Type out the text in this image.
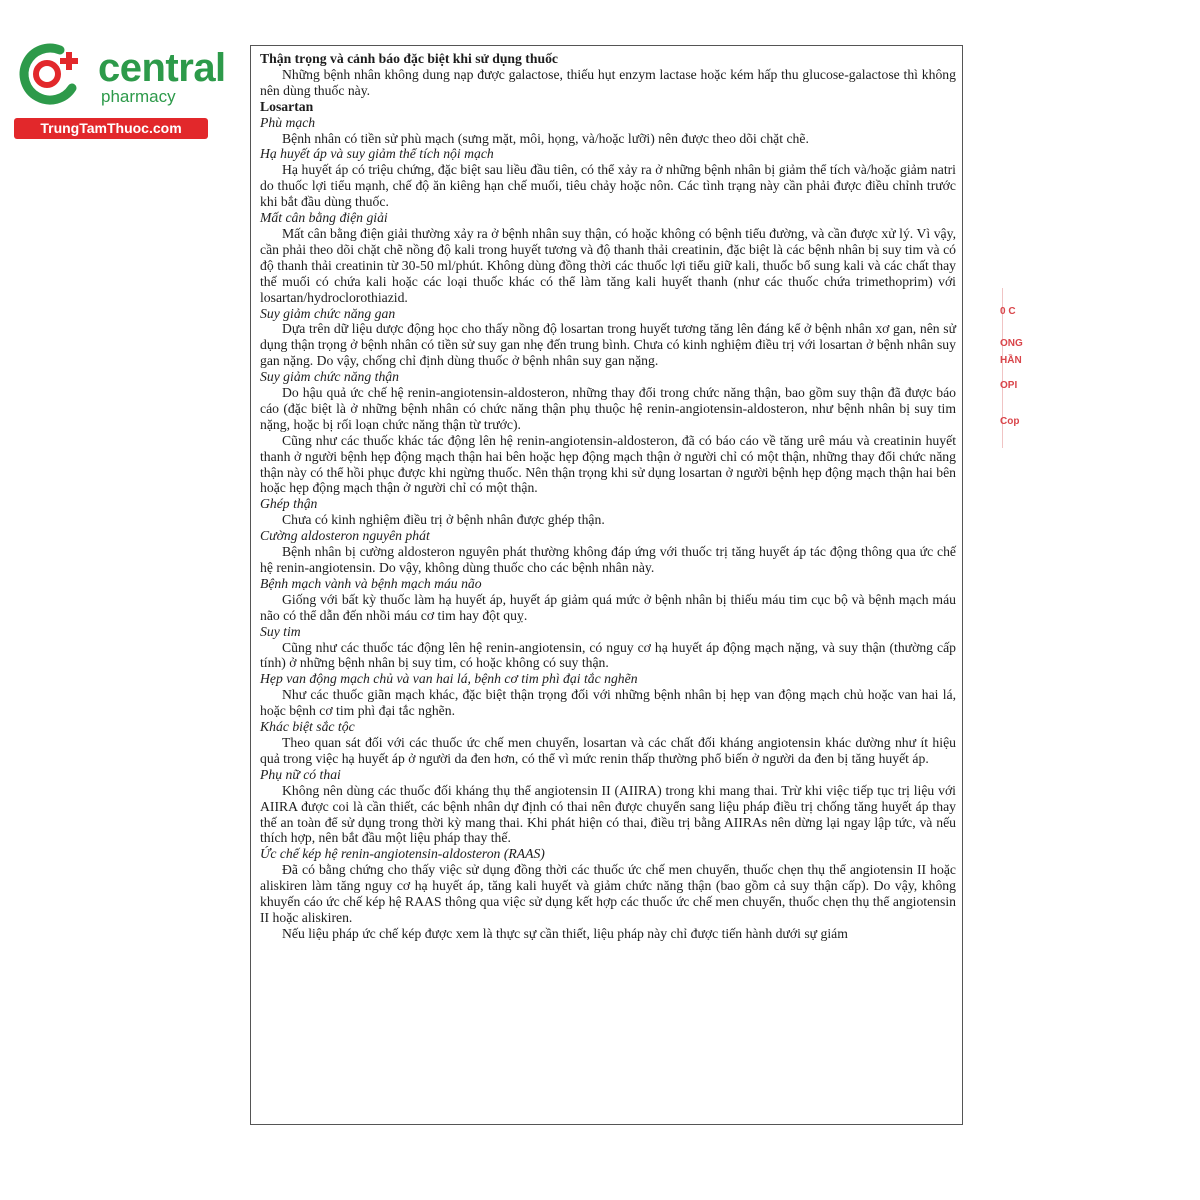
central
pharmacy
TrungTamThuoc.com
Thận trọng và cảnh báo đặc biệt khi sử dụng thuốc
Những bệnh nhân không dung nạp được galactose, thiếu hụt enzym lactase hoặc kém hấp thu glucose-galactose thì không nên dùng thuốc này.
Losartan
Phù mạch
Bệnh nhân có tiền sử phù mạch (sưng mặt, môi, họng, và/hoặc lưỡi) nên được theo dõi chặt chẽ.
Hạ huyết áp và suy giảm thể tích nội mạch
Hạ huyết áp có triệu chứng, đặc biệt sau liều đầu tiên, có thể xảy ra ở những bệnh nhân bị giảm thể tích và/hoặc giảm natri do thuốc lợi tiểu mạnh, chế độ ăn kiêng hạn chế muối, tiêu chảy hoặc nôn. Các tình trạng này cần phải được điều chỉnh trước khi bắt đầu dùng thuốc.
Mất cân bằng điện giải
Mất cân bằng điện giải thường xảy ra ở bệnh nhân suy thận, có hoặc không có bệnh tiểu đường, và cần được xử lý. Vì vậy, cần phải theo dõi chặt chẽ nồng độ kali trong huyết tương và độ thanh thải creatinin, đặc biệt là các bệnh nhân bị suy tim và có độ thanh thải creatinin từ 30-50 ml/phút. Không dùng đồng thời các thuốc lợi tiểu giữ kali, thuốc bổ sung kali và các chất thay thế muối có chứa kali hoặc các loại thuốc khác có thể làm tăng kali huyết thanh (như các thuốc chứa trimethoprim) với losartan/hydroclorothiazid.
Suy giảm chức năng gan
Dựa trên dữ liệu dược động học cho thấy nồng độ losartan trong huyết tương tăng lên đáng kể ở bệnh nhân xơ gan, nên sử dụng thận trọng ở bệnh nhân có tiền sử suy gan nhẹ đến trung bình. Chưa có kinh nghiệm điều trị với losartan ở bệnh nhân suy gan nặng. Do vậy, chống chỉ định dùng thuốc ở bệnh nhân suy gan nặng.
Suy giảm chức năng thận
Do hậu quả ức chế hệ renin-angiotensin-aldosteron, những thay đổi trong chức năng thận, bao gồm suy thận đã được báo cáo (đặc biệt là ở những bệnh nhân có chức năng thận phụ thuộc hệ renin-angiotensin-aldosteron, như bệnh nhân bị suy tim nặng, hoặc bị rối loạn chức năng thận từ trước).
Cũng như các thuốc khác tác động lên hệ renin-angiotensin-aldosteron, đã có báo cáo về tăng urê máu và creatinin huyết thanh ở người bệnh hẹp động mạch thận hai bên hoặc hẹp động mạch thận ở người chỉ có một thận, những thay đổi chức năng thận này có thể hồi phục được khi ngừng thuốc. Nên thận trọng khi sử dụng losartan ở người bệnh hẹp động mạch thận hai bên hoặc hẹp động mạch thận ở người chỉ có một thận.
Ghép thận
Chưa có kinh nghiệm điều trị ở bệnh nhân được ghép thận.
Cường aldosteron nguyên phát
Bệnh nhân bị cường aldosteron nguyên phát thường không đáp ứng với thuốc trị tăng huyết áp tác động thông qua ức chế hệ renin-angiotensin. Do vậy, không dùng thuốc cho các bệnh nhân này.
Bệnh mạch vành và bệnh mạch máu não
Giống với bất kỳ thuốc làm hạ huyết áp, huyết áp giảm quá mức ở bệnh nhân bị thiếu máu tim cục bộ và bệnh mạch máu não có thể dẫn đến nhồi máu cơ tim hay đột quỵ.
Suy tim
Cũng như các thuốc tác động lên hệ renin-angiotensin, có nguy cơ hạ huyết áp động mạch nặng, và suy thận (thường cấp tính) ở những bệnh nhân bị suy tim, có hoặc không có suy thận.
Hẹp van động mạch chủ và van hai lá, bệnh cơ tim phì đại tắc nghẽn
Như các thuốc giãn mạch khác, đặc biệt thận trọng đối với những bệnh nhân bị hẹp van động mạch chủ hoặc van hai lá, hoặc bệnh cơ tim phì đại tắc nghẽn.
Khác biệt sắc tộc
Theo quan sát đối với các thuốc ức chế men chuyển, losartan và các chất đối kháng angiotensin khác dường như ít hiệu quả trong việc hạ huyết áp ở người da đen hơn, có thể vì mức renin thấp thường phổ biến ở người da đen bị tăng huyết áp.
Phụ nữ có thai
Không nên dùng các thuốc đối kháng thụ thể angiotensin II (AIIRA) trong khi mang thai. Trừ khi việc tiếp tục trị liệu với AIIRA được coi là cần thiết, các bệnh nhân dự định có thai nên được chuyển sang liệu pháp điều trị chống tăng huyết áp thay thế an toàn để sử dụng trong thời kỳ mang thai. Khi phát hiện có thai, điều trị bằng AIIRAs nên dừng lại ngay lập tức, và nếu thích hợp, nên bắt đầu một liệu pháp thay thế.
Ức chế kép hệ renin-angiotensin-aldosteron (RAAS)
Đã có bằng chứng cho thấy việc sử dụng đồng thời các thuốc ức chế men chuyển, thuốc chẹn thụ thể angiotensin II hoặc aliskiren làm tăng nguy cơ hạ huyết áp, tăng kali huyết và giảm chức năng thận (bao gồm cả suy thận cấp). Do vậy, không khuyến cáo ức chế kép hệ RAAS thông qua việc sử dụng kết hợp các thuốc ức chế men chuyển, thuốc chẹn thụ thể angiotensin II hoặc aliskiren.
Nếu liệu pháp ức chế kép được xem là thực sự cần thiết, liệu pháp này chỉ được tiến hành dưới sự giám
0 C
ONG
HẦN
OPI
Cop
